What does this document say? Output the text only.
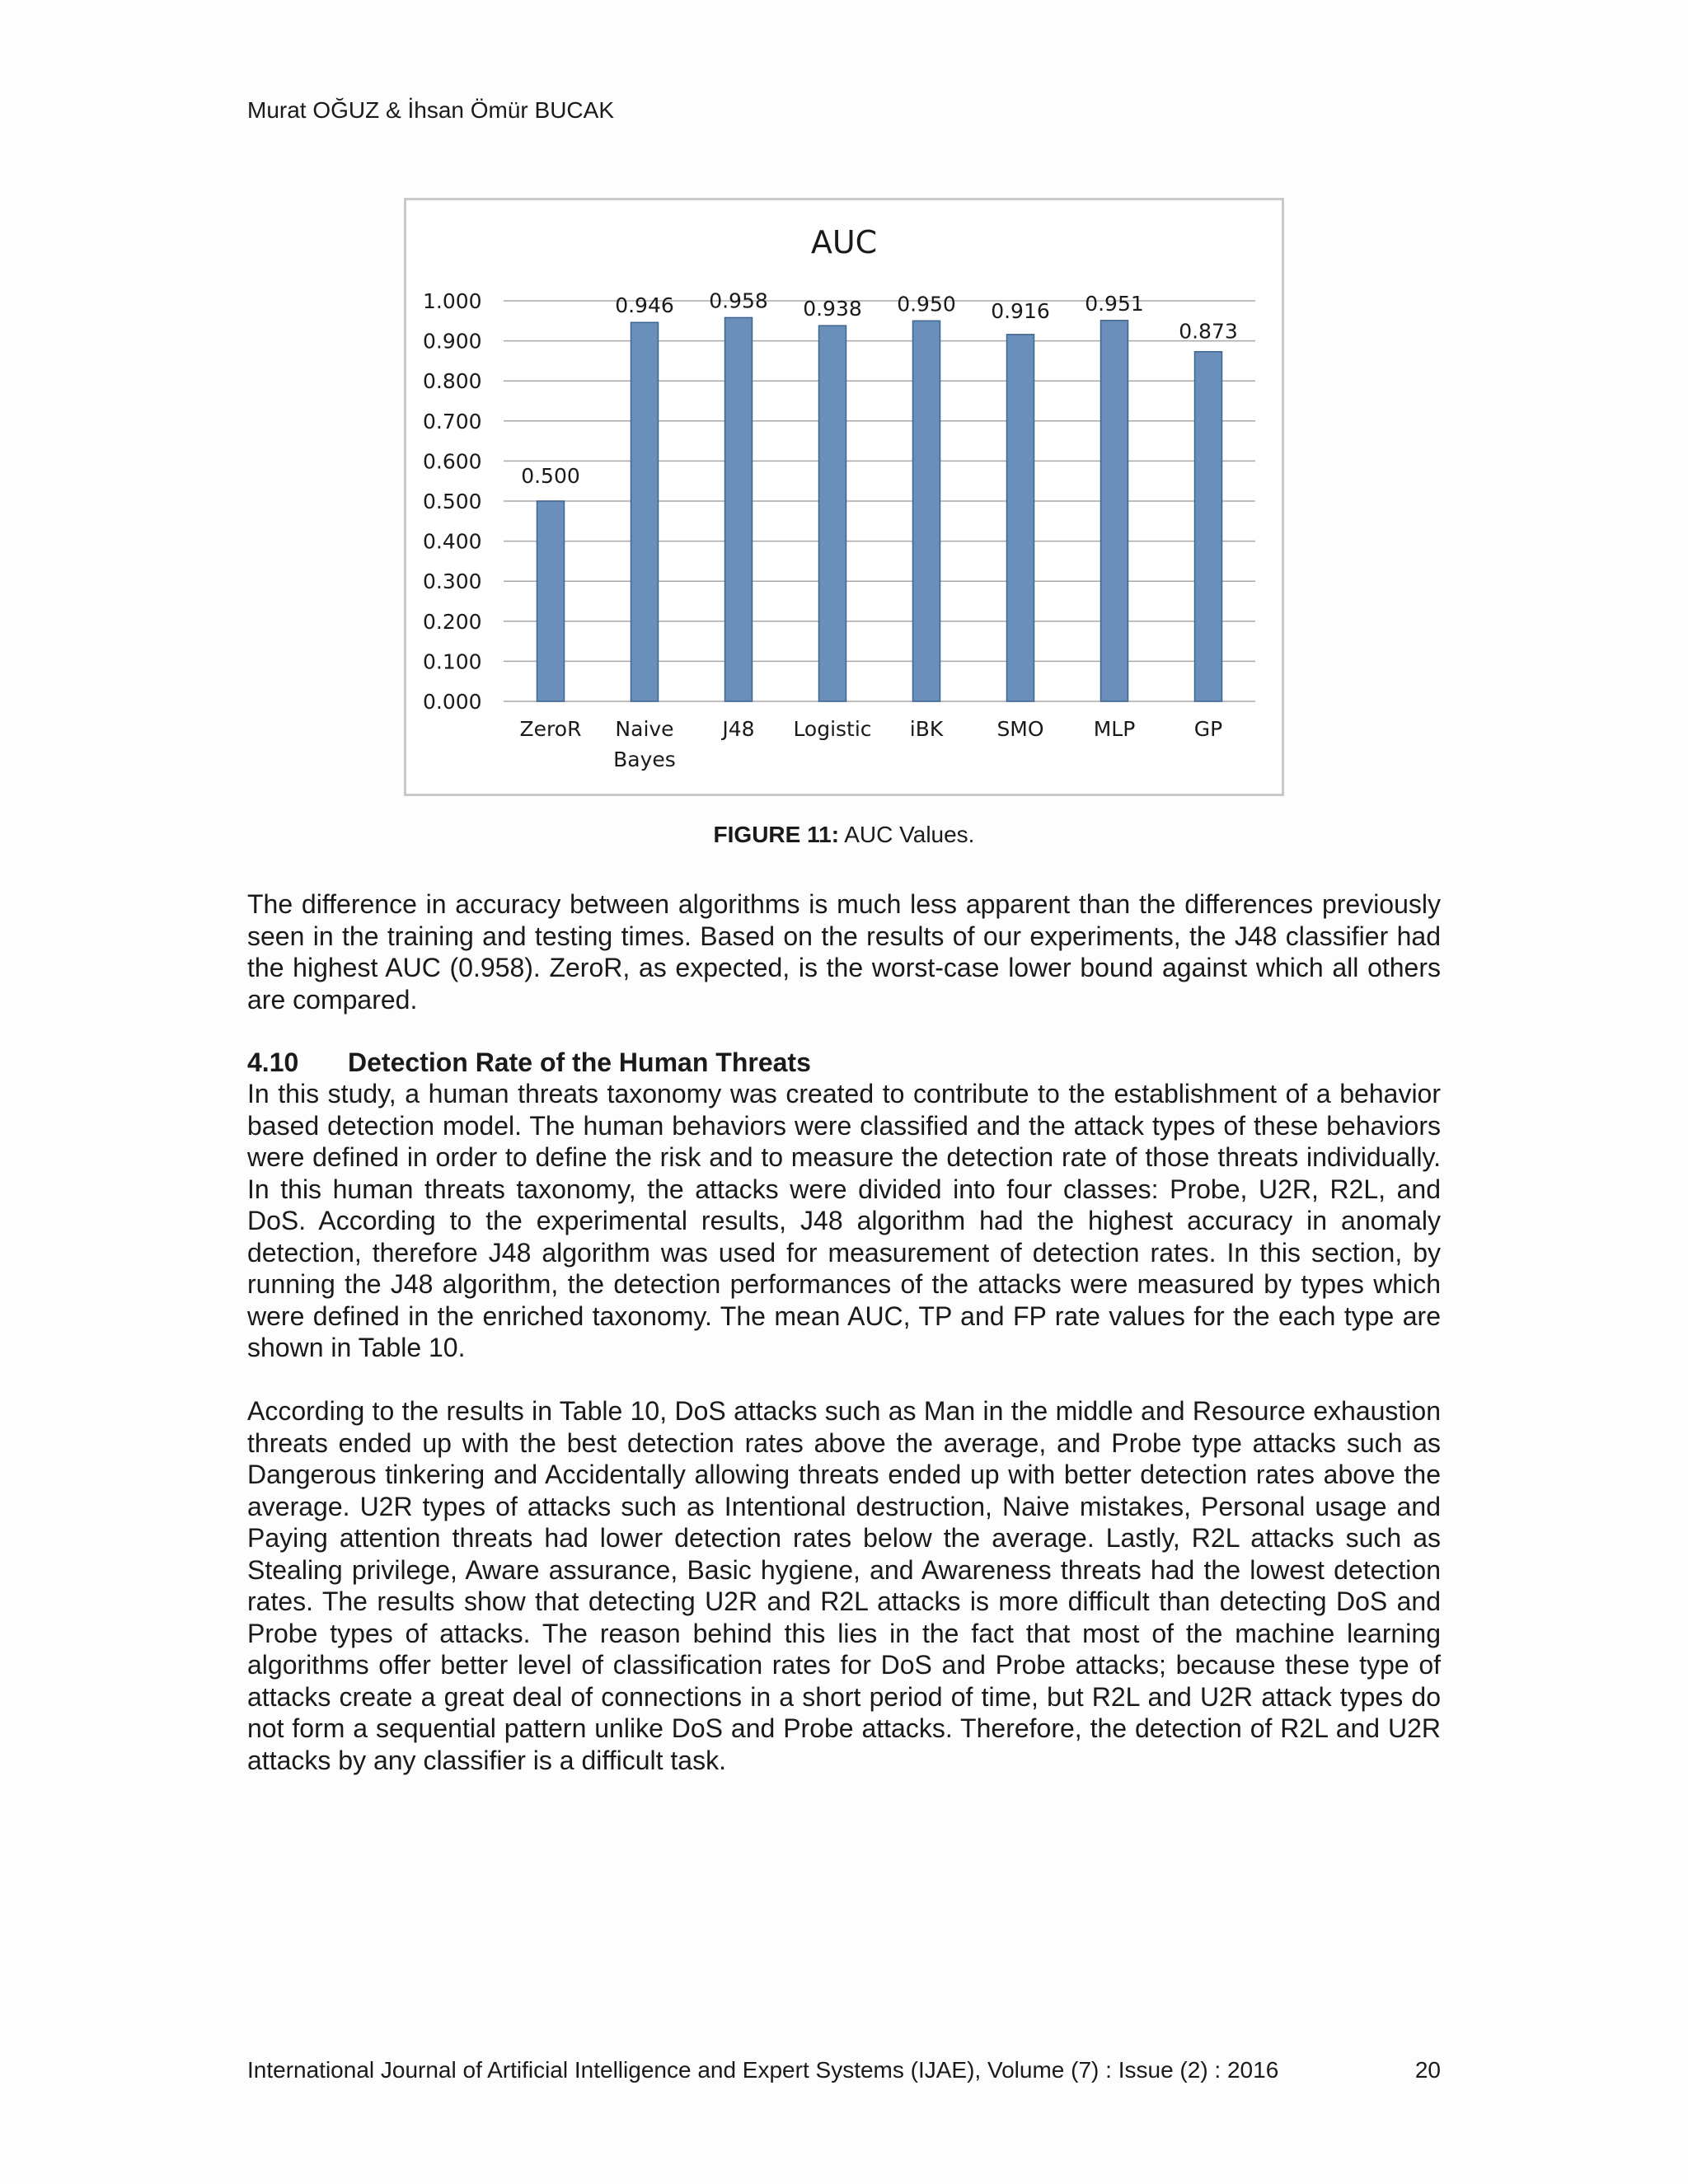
Murat OĞUZ & İhsan Ömür BUCAK
AUC
0.000
0.100
0.200
0.300
0.400
0.500
0.600
0.700
0.800
0.900
1.000
0.500
ZeroR
0.946
Naive
Bayes
0.958
J48
0.938
Logistic
0.950
iBK
0.916
SMO
0.951
MLP
0.873
GP
FIGURE 11: AUC Values.
The difference in accuracy between algorithms is much less apparent than the differences previously seen in the training and testing times. Based on the results of our experiments, the J48 classifier had the highest AUC (0.958). ZeroR, as expected, is the worst-case lower bound against which all others are compared.
4.10 Detection Rate of the Human Threats
In this study, a human threats taxonomy was created to contribute to the establishment of a behavior based detection model. The human behaviors were classified and the attack types of these behaviors were defined in order to define the risk and to measure the detection rate of those threats individually. In this human threats taxonomy, the attacks were divided into four classes: Probe, U2R, R2L, and DoS. According to the experimental results, J48 algorithm had the highest accuracy in anomaly detection, therefore J48 algorithm was used for measurement of detection rates. In this section, by running the J48 algorithm, the detection performances of the attacks were measured by types which were defined in the enriched taxonomy. The mean AUC, TP and FP rate values for the each type are shown in Table 10.
According to the results in Table 10, DoS attacks such as Man in the middle and Resource exhaustion threats ended up with the best detection rates above the average, and Probe type attacks such as Dangerous tinkering and Accidentally allowing threats ended up with better detection rates above the average. U2R types of attacks such as Intentional destruction, Naive mistakes, Personal usage and Paying attention threats had lower detection rates below the average. Lastly, R2L attacks such as Stealing privilege, Aware assurance, Basic hygiene, and Awareness threats had the lowest detection rates. The results show that detecting U2R and R2L attacks is more difficult than detecting DoS and Probe types of attacks. The reason behind this lies in the fact that most of the machine learning algorithms offer better level of classification rates for DoS and Probe attacks; because these type of attacks create a great deal of connections in a short period of time, but R2L and U2R attack types do not form a sequential pattern unlike DoS and Probe attacks. Therefore, the detection of R2L and U2R attacks by any classifier is a difficult task.
International Journal of Artificial Intelligence and Expert Systems (IJAE), Volume (7) : Issue (2) : 2016	20
